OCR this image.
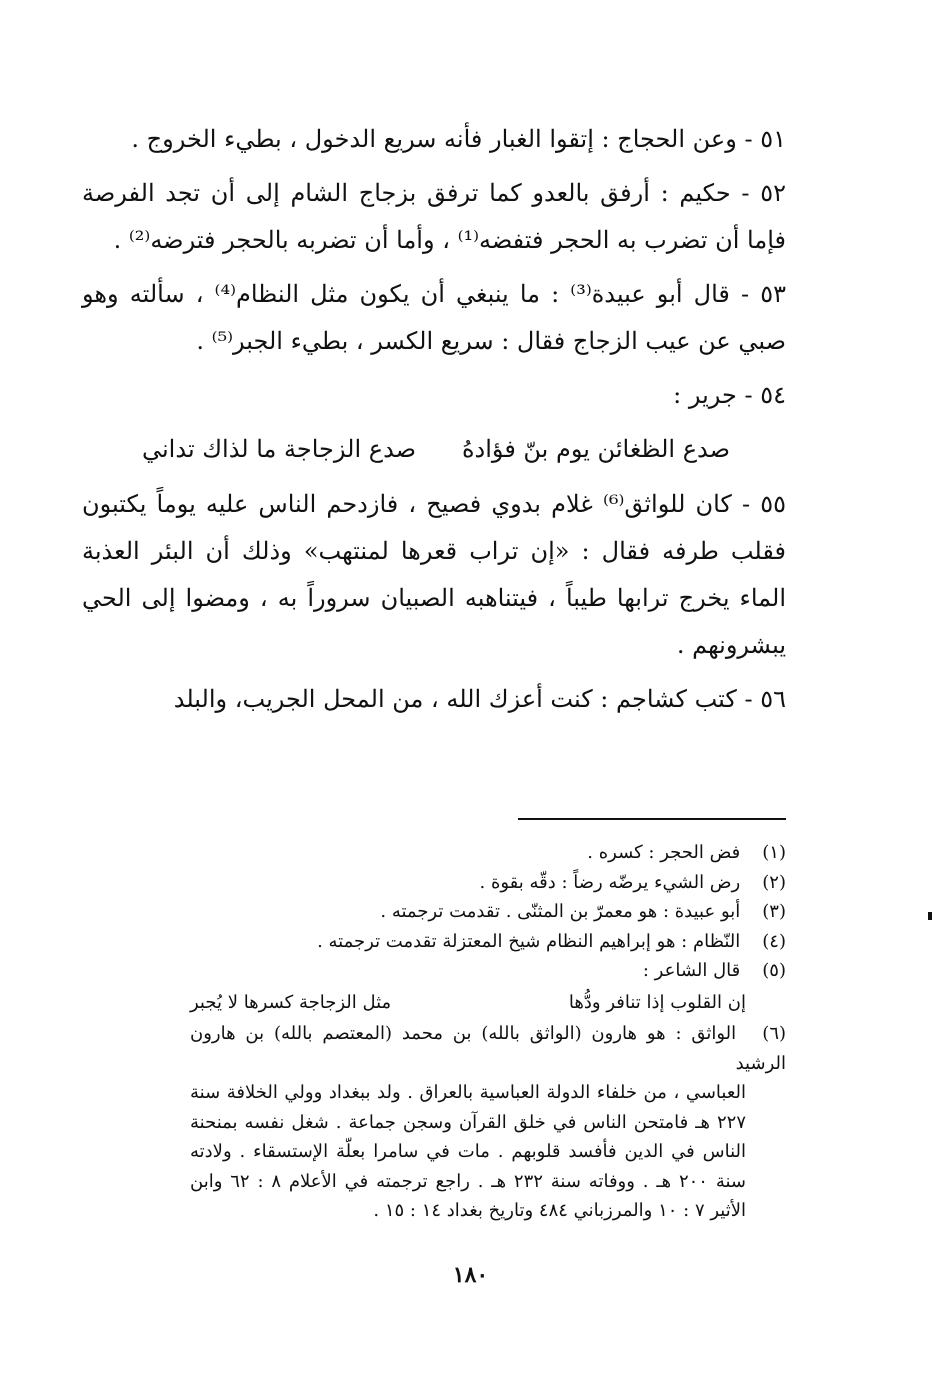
٥١ - وعن الحجاج : إتقوا الغبار فأنه سريع الدخول ، بطيء الخروج .

٥٢ - حكيم : أرفق بالعدو كما ترفق بزجاج الشام إلى أن تجد الفرصة فإما أن تضرب به الحجر فتفضه⁽¹⁾ ، وأما أن تضربه بالحجر فترضه⁽²⁾ .

٥٣ - قال أبو عبيدة⁽³⁾ : ما ينبغي أن يكون مثل النظام⁽⁴⁾ ، سألته وهو صبي عن عيب الزجاج فقال : سريع الكسر ، بطيء الجبر⁽⁵⁾ .

٥٤ - جرير :

صدع الظغائن يوم بنّ فؤادهُ
صدع الزجاجة ما لذاك تداني

٥٥ - كان للواثق⁽⁶⁾ غلام بدوي فصيح ، فازدحم الناس عليه يوماً يكتبون فقلب طرفه فقال : «إن تراب قعرها لمنتهب» وذلك أن البئر العذبة الماء يخرج ترابها طيباً ، فيتناهبه الصبيان سروراً به ، ومضوا إلى الحي يبشرونهم .

٥٦ - كتب كشاجم : كنت أعزك الله ، من المحل الجريب، والبلد

(١) فض الحجر : كسره .

(٢) رض الشيء يرضّه رضاً : دقّه بقوة .

(٣) أبو عبيدة : هو معمرّ بن المثنّى . تقدمت ترجمته .

(٤) النّظام : هو إبراهيم النظام شيخ المعتزلة تقدمت ترجمته .

(٥) قال الشاعر :

إن القلوب إذا تنافر ودُّها
مثل الزجاجة كسرها لا يُجبر

(٦) الواثق : هو هارون (الواثق بالله) بن محمد (المعتصم بالله) بن هارون الرشيد

العباسي ، من خلفاء الدولة العباسية بالعراق . ولد ببغداد وولي الخلافة سنة ٢٢٧ هـ فامتحن الناس في خلق القرآن وسجن جماعة . شغل نفسه بمنحنة الناس في الدين فأفسد قلوبهم . مات في سامرا بعلّة الإستسقاء . ولادته سنة ٢٠٠ هـ . ووفاته سنة ٢٣٢ هـ . راجع ترجمته في الأعلام ٨ : ٦٢ وابن الأثير ٧ : ١٠ والمرزباني ٤٨٤ وتاريخ بغداد ١٤ : ١٥ .

١٨٠
